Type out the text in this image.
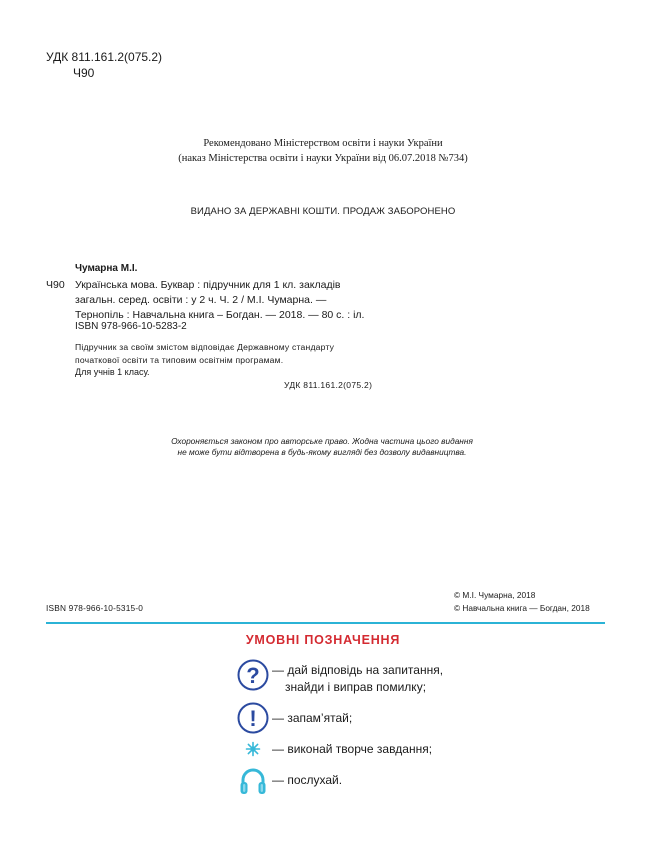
УДК 811.161.2(075.2)
Ч90
Рекомендовано Міністерством освіти і науки України
(наказ Міністерства освіти і науки України від 06.07.2018 №734)
ВИДАНО ЗА ДЕРЖАВНІ КОШТИ. ПРОДАЖ ЗАБОРОНЕНО
Чумарна М.І.
Ч90 Українська мова. Буквар : підручник для 1 кл. закладів

загальн. серед. освіти : у 2 ч. Ч. 2 / М.І. Чумарна. —

Тернопіль : Навчальна книга – Богдан. — 2018. — 80 с. : іл.

ISBN 978-966-10-5283-2

Підручник за своїм змістом відповідає Державному стандарту

початкової освіти та типовим освітнім програмам.

Для учнів 1 класу.
УДК 811.161.2(075.2)
Охороняється законом про авторське право. Жодна частина цього видання
не може бути відтворена в будь-якому вигляді без дозволу видавництва.
ISBN 978-966-10-5315-0
© М.І. Чумарна, 2018
© Навчальна книга — Богдан, 2018
УМОВНІ ПОЗНАЧЕННЯ
? — дай відповідь на запитання,
знайди і виправ помилку;
! — запам’ятай;
— виконай творче завдання;
— послухай.
